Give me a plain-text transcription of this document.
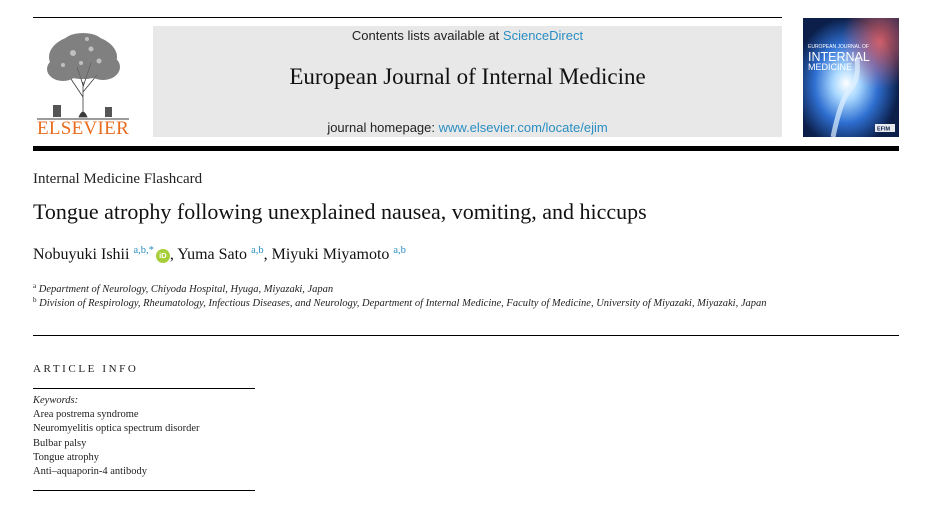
ELSEVIER
Contents lists available at ScienceDirect
European Journal of Internal Medicine
journal homepage: www.elsevier.com/locate/ejim
EUROPEAN JOURNAL OF
INTERNAL
MEDICINE
EFIM
Internal Medicine Flashcard
Tongue atrophy following unexplained nausea, vomiting, and hiccups
Nobuyuki Ishii $^{a,b,*}$ iD , Yuma Sato $^{a,b}$, Miyuki Miyamoto $^{a,b}$
$^a$ Department of Neurology, Chiyoda Hospital, Hyuga, Miyazaki, Japan
$^b$ Division of Respirology, Rheumatology, Infectious Diseases, and Neurology, Department of Internal Medicine, Faculty of Medicine, University of Miyazaki, Miyazaki, Japan
ARTICLE INFO
Keywords:
Area postrema syndrome
Neuromyelitis optica spectrum disorder
Bulbar palsy
Tongue atrophy
Anti–aquaporin-4 antibody
